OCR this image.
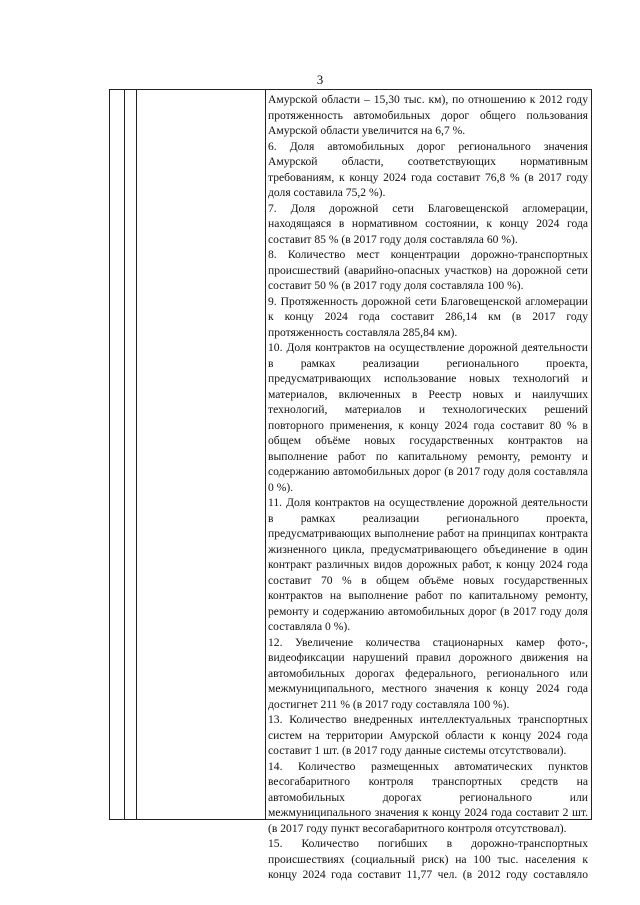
3

Амурской области – 15,30 тыс. км), по отношению к 2012 году протяженность автомобильных дорог общего пользования Амурской области увеличится на 6,7 %.

6. Доля автомобильных дорог регионального значения Амурской области, соответствующих нормативным требованиям, к концу 2024 года составит 76,8 % (в 2017 году доля составила 75,2 %).

7. Доля дорожной сети Благовещенской агломерации, находящаяся в нормативном состоянии, к концу 2024 года составит 85 % (в 2017 году доля составляла 60 %).

8. Количество мест концентрации дорожно-транспортных происшествий (аварийно-опасных участков) на дорожной сети составит 50 % (в 2017 году доля составляла 100 %).

9. Протяженность дорожной сети Благовещенской агломерации к концу 2024 года составит 286,14 км (в 2017 году протяженность составляла 285,84 км).

10. Доля контрактов на осуществление дорожной деятельности в рамках реализации регионального проекта, предусматривающих использование новых технологий и материалов, включенных в Реестр новых и наилучших технологий, материалов и технологических решений повторного применения, к концу 2024 года составит 80 % в общем объёме новых государственных контрактов на выполнение работ по капитальному ремонту, ремонту и содержанию автомобильных дорог (в 2017 году доля составляла 0 %).

11. Доля контрактов на осуществление дорожной деятельности в рамках реализации регионального проекта, предусматривающих выполнение работ на принципах контракта жизненного цикла, предусматривающего объединение в один контракт различных видов дорожных работ, к концу 2024 года составит 70 % в общем объёме новых государственных контрактов на выполнение работ по капитальному ремонту, ремонту и содержанию автомобильных дорог (в 2017 году доля составляла 0 %).

12. Увеличение количества стационарных камер фото-, видеофиксации нарушений правил дорожного движения на автомобильных дорогах федерального, регионального или межмуниципального, местного значения к концу 2024 года достигнет 211 % (в 2017 году составляла 100 %).

13. Количество внедренных интеллектуальных транспортных систем на территории Амурской области к концу 2024 года составит 1 шт. (в 2017 году данные системы отсутствовали).

14. Количество размещенных автоматических пунктов весогабаритного контроля транспортных средств на автомобильных дорогах регионального или межмуниципального значения к концу 2024 года составит 2 шт. (в 2017 году пункт весогабаритного контроля отсутствовал).

15. Количество погибших в дорожно-транспортных происшествиях (социальный риск) на 100 тыс. населения к концу 2024 года составит 11,77 чел. (в 2012 году составляло
